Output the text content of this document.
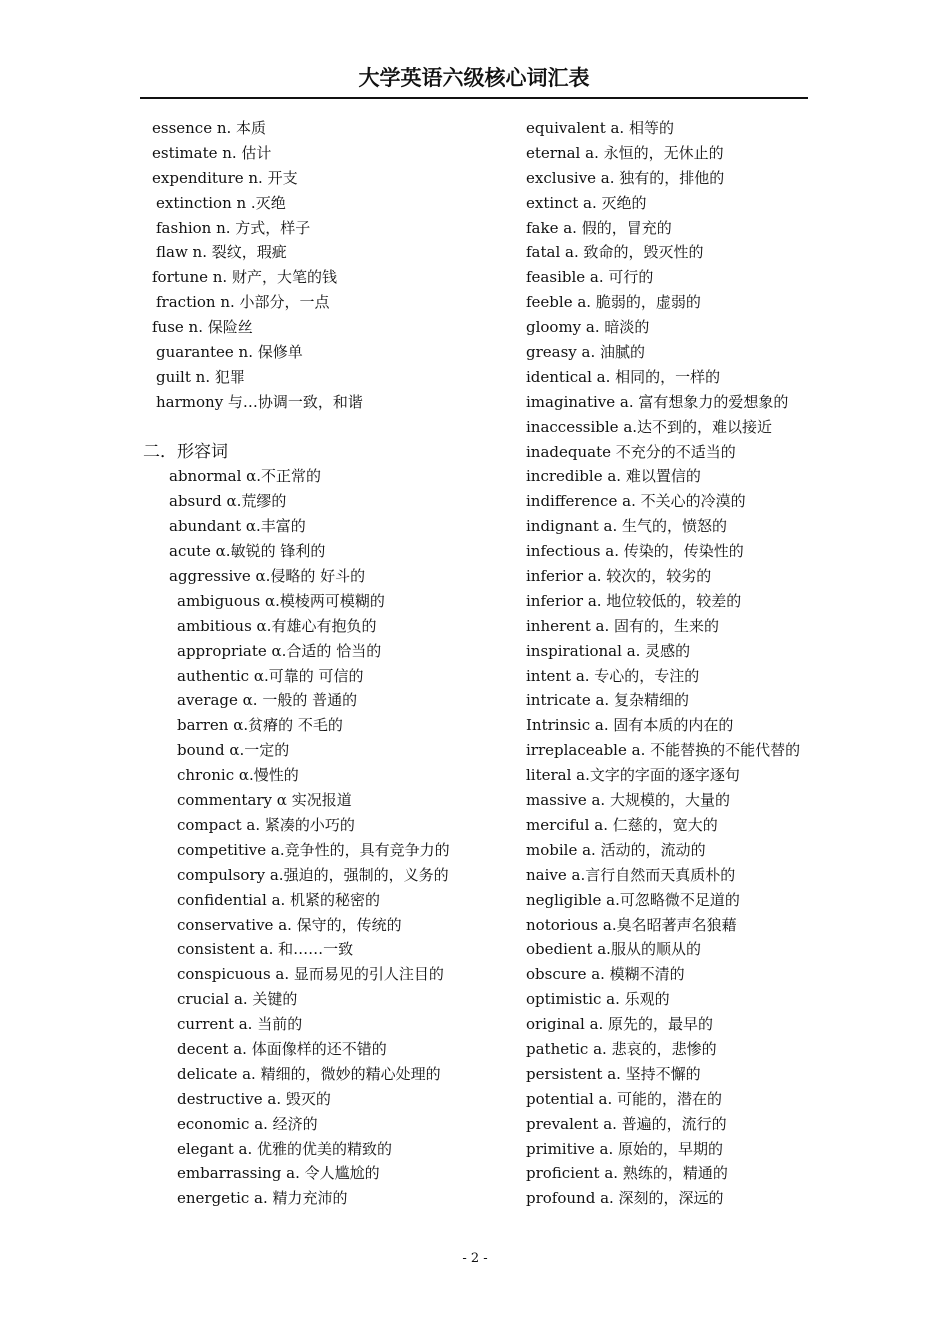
大学英语六级核心词汇表
essence n. 本质
estimate n. 估计
expenditure n. 开支
extinction n .灭绝
fashion n. 方式，样子
flaw n. 裂纹，瑕疵
fortune n. 财产，大笔的钱
fraction n. 小部分，一点
fuse n. 保险丝
guarantee n. 保修单
guilt n. 犯罪
harmony 与…协调一致，和谐
二．形容词
abnormal α.不正常的
absurd α.荒缪的
abundant α.丰富的
acute α.敏锐的 锋利的
aggressive α.侵略的 好斗的
ambiguous α.模棱两可模糊的
ambitious α.有雄心有抱负的
appropriate α.合适的 恰当的
authentic α.可靠的 可信的
average α. 一般的 普通的
barren α.贫瘠的 不毛的
bound α.一定的
chronic α.慢性的
commentary α 实况报道
compact a. 紧凑的小巧的
competitive a.竞争性的，具有竞争力的
compulsory a.强迫的，强制的，义务的
confidential a. 机紧的秘密的
conservative a. 保守的，传统的
consistent a. 和……一致
conspicuous a. 显而易见的引人注目的
crucial a. 关键的
current a. 当前的
decent a. 体面像样的还不错的
delicate a. 精细的，微妙的精心处理的
destructive a. 毁灭的
economic a. 经济的
elegant a. 优雅的优美的精致的
embarrassing a. 令人尴尬的
energetic a. 精力充沛的
equivalent a. 相等的
eternal a. 永恒的，无休止的
exclusive a. 独有的，排他的
extinct a. 灭绝的
fake a. 假的，冒充的
fatal a. 致命的，毁灭性的
feasible a. 可行的
feeble a. 脆弱的，虚弱的
gloomy a. 暗淡的
greasy a. 油腻的
identical a. 相同的，一样的
imaginative a. 富有想象力的爱想象的
inaccessible a.达不到的，难以接近
inadequate 不充分的不适当的
incredible a. 难以置信的
indifference a. 不关心的冷漠的
indignant a. 生气的，愤怒的
infectious a. 传染的，传染性的
inferior a. 较次的，较劣的
inferior a. 地位较低的，较差的
inherent a. 固有的，生来的
inspirational a. 灵感的
intent a. 专心的，专注的
intricate a. 复杂精细的
Intrinsic a. 固有本质的内在的
irreplaceable a. 不能替换的不能代替的
literal a.文字的字面的逐字逐句
massive a. 大规模的，大量的
merciful a. 仁慈的，宽大的
mobile a. 活动的，流动的
naive a.言行自然而天真质朴的
negligible a.可忽略微不足道的
notorious a.臭名昭著声名狼藉
obedient a.服从的顺从的
obscure a. 模糊不清的
optimistic a. 乐观的
original a. 原先的，最早的
pathetic a. 悲哀的，悲惨的
persistent a. 坚持不懈的
potential a. 可能的，潜在的
prevalent a. 普遍的，流行的
primitive a. 原始的，早期的
proficient a. 熟练的，精通的
profound a. 深刻的，深远的
- 2 -
